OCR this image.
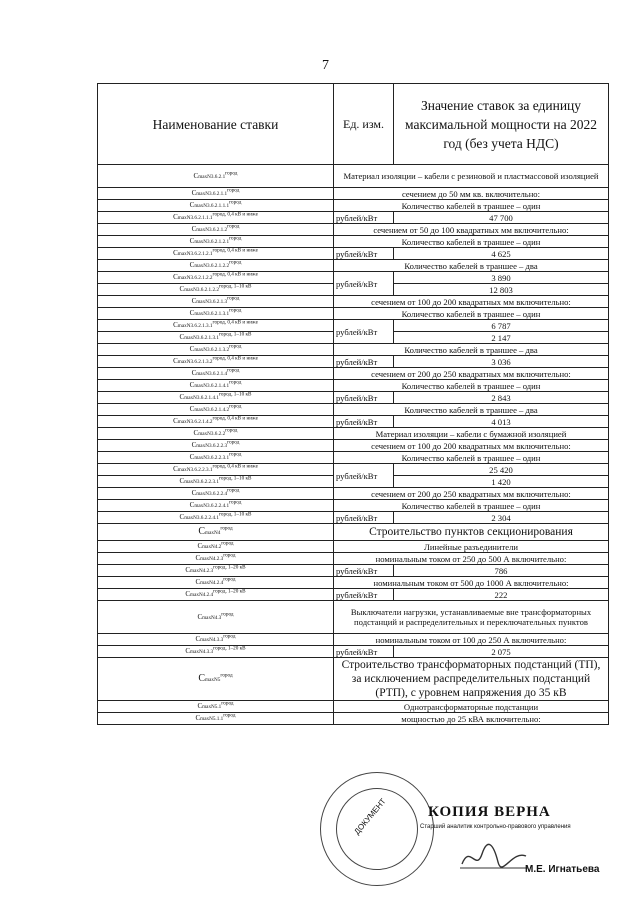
7
Наименование ставки	Ед. изм.	Значение ставок за единицу максимальной мощности на 2022 год (без учета НДС)
$CmaxN3.6.2.1^{город}$	Материал изоляции – кабели с резиновой и пластмассовой изоляцией	
$CmaxN3.6.2.1.1^{город}$	сечением до 50 мм кв. включительно:	
$CmaxN3.6.2.1.1.1^{город}$	Количество кабелей в траншее – один	
$CmaxN3.6.2.1.1.1^{город, 0,4 кВ и ниже}$	рублей/кВт	47 700
$CmaxN3.6.2.1.2^{город}$	сечением от 50 до 100 квадратных мм включительно:	
$CmaxN3.6.2.1.2.1^{город}$	Количество кабелей в траншее – один	
$CmaxN3.6.2.1.2.1^{город, 0,4 кВ и ниже}$	рублей/кВт	4 625
$CmaxN3.6.2.1.2.2^{город}$	Количество кабелей в траншее – два	
$CmaxN3.6.2.1.2.2^{город, 0,4 кВ и ниже}$	рублей/кВт	3 890
$CmaxN3.6.2.1.2.2^{город, 1-10 кВ}$		12 803
$CmaxN3.6.2.1.3^{город}$	сечением от 100 до 200 квадратных мм включительно:	
$CmaxN3.6.2.1.3.1^{город}$	Количество кабелей в траншее – один	
$CmaxN3.6.2.1.3.1^{город, 0,4 кВ и ниже}$	рублей/кВт	6 787
$CmaxN3.6.2.1.3.1^{город, 1-10 кВ}$		2 147
$CmaxN3.6.2.1.3.2^{город}$	Количество кабелей в траншее – два	
$CmaxN3.6.2.1.3.2^{город, 0,4 кВ и ниже}$	рублей/кВт	3 036
$CmaxN3.6.2.1.4^{город}$	сечением от 200 до 250 квадратных мм включительно:	
$CmaxN3.6.2.1.4.1^{город}$	Количество кабелей в траншее – один	
$CmaxN3.6.2.1.4.1^{город, 1-10 кВ}$	рублей/кВт	2 843
$CmaxN3.6.2.1.4.2^{город}$	Количество кабелей в траншее – два	
$CmaxN3.6.2.1.4.2^{город, 0,4 кВ и ниже}$	рублей/кВт	4 013
$CmaxN3.6.2.2^{город}$	Материал изоляции – кабели с бумажной изоляцией	
$CmaxN3.6.2.2.3^{город}$	сечением от 100 до 200 квадратных мм включительно:	
$CmaxN3.6.2.2.3.1^{город}$	Количество кабелей в траншее – один	
$CmaxN3.6.2.2.3.1^{город, 0,4 кВ и ниже}$	рублей/кВт	25 420
$CmaxN3.6.2.2.3.1^{город, 1-10 кВ}$		1 420
$CmaxN3.6.2.2.4^{город}$	сечением от 200 до 250 квадратных мм включительно:	
$CmaxN3.6.2.2.4.1^{город}$	Количество кабелей в траншее – один	
$CmaxN3.6.2.2.4.1^{город, 1-10 кВ}$	рублей/кВт	2 304
$CmaxN4^{город}$	Строительство пунктов секционирования	
$CmaxN4.2^{город}$	Линейные разъединители	
$CmaxN4.2.3^{город}$	номинальным током от 250 до 500 А включительно:	
$CmaxN4.2.3^{город, 1-20 кВ}$	рублей/кВт	786
$CmaxN4.2.4^{город}$	номинальным током от 500 до 1000 А включительно:	
$CmaxN4.2.4^{город, 1-20 кВ}$	рублей/кВт	222
$CmaxN4.3^{город}$	Выключатели нагрузки, устанавливаемые вне трансформаторных подстанций и распределительных и переключательных пунктов	
$CmaxN4.3.3^{город}$	номинальным током от 100 до 250 А включительно:	
$CmaxN4.3.3^{город, 1-20 кВ}$	рублей/кВт	2 075
$CmaxN5^{город}$	Строительство трансформаторных подстанций (ТП), за исключением распределительных подстанций (РТП), с уровнем напряжения до 35 кВ	
$CmaxN5.1^{город}$	Однотрансформаторные подстанции	
$CmaxN5.1.1^{город}$	мощностью до 25 кВА включительно:	
ДОКУМЕНТ	КОПИЯ ВЕРНА
Старший аналитик контрольно-правового управления
М.Е. Игнатьева
